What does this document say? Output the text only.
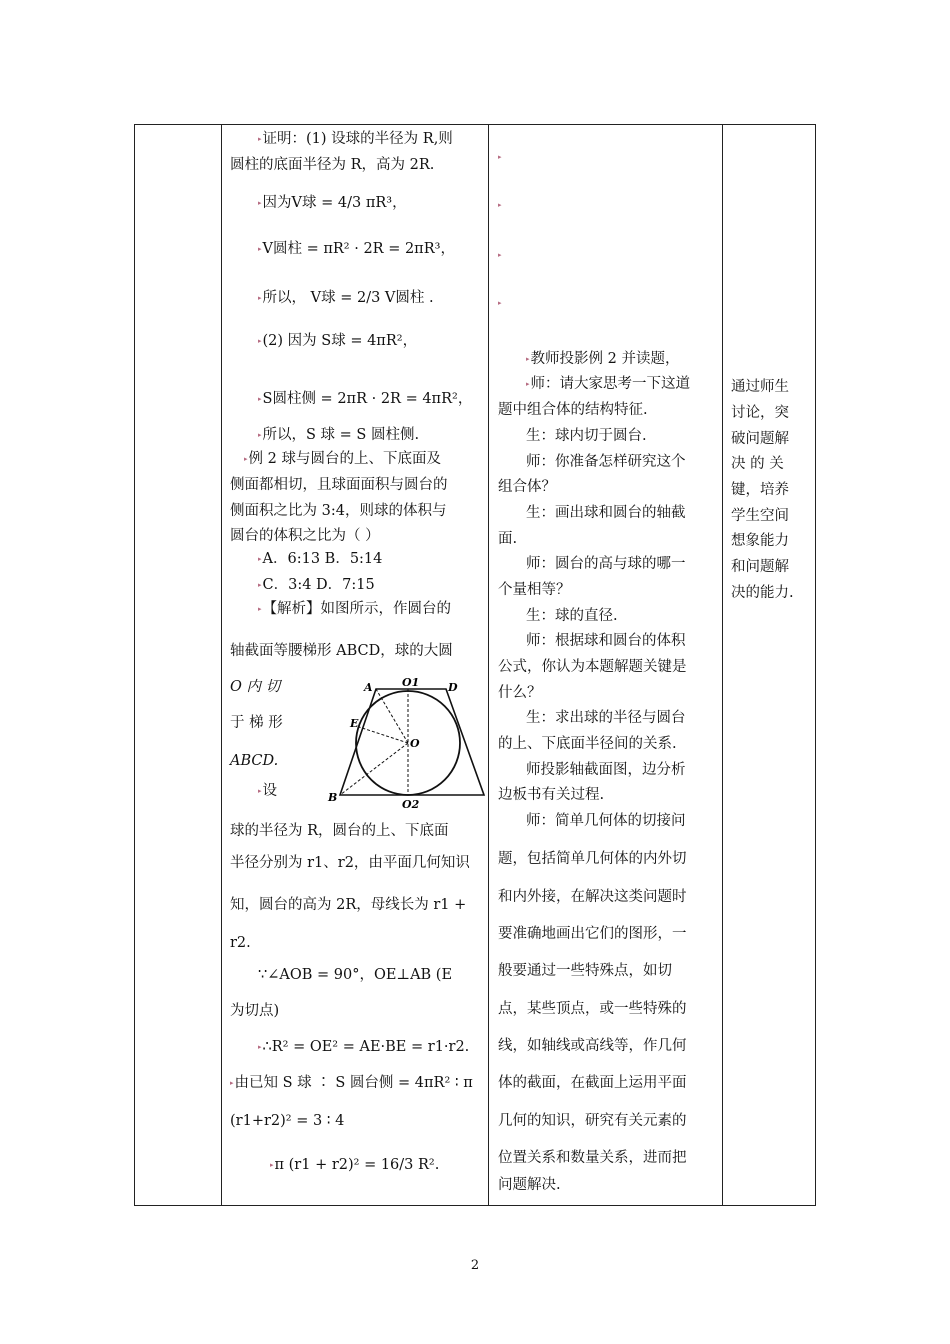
▸证明：(1) 设球的半径为 R,则
圆柱的底面半径为 R，高为 2R.
▸因为V球 = 4/3 πR³，
▸V圆柱 = πR² · 2R = 2πR³，
▸所以， V球 = 2/3 V圆柱 .
▸(2) 因为 S球 = 4πR²，
▸S圆柱侧 = 2πR · 2R = 4πR²，
▸所以，S 球 = S 圆柱侧.
▸例 2 球与圆台的上、下底面及
侧面都相切，且球面面积与圆台的
侧面积之比为 3:4，则球的体积与
圆台的体积之比为（ ）
▸A．6:13 B．5:14
▸C．3:4 D．7:15
▸【解析】如图所示，作圆台的
轴截面等腰梯形 ABCD，球的大圆
O 内 切
于 梯 形
ABCD.
▸设
A	O1	D
E
O
B
O2
球的半径为 R，圆台的上、下底面
半径分别为 r1、r2，由平面几何知识
知，圆台的高为 2R，母线长为 r1 +
r2.
∵∠AOB = 90°，OE⊥AB (E
为切点)
▸∴R² = OE² = AE·BE = r1·r2.
▸由已知 S 球 ∶ S 圆台侧 = 4πR² ∶ π
(r1+r2)² = 3 ∶ 4
▸π (r1 + r2)² = 16/3 R².
▸
▸
▸
▸
▸教师投影例 2 并读题，
▸师：请大家思考一下这道
题中组合体的结构特征.
生：球内切于圆台.
师：你准备怎样研究这个
组合体？
生：画出球和圆台的轴截
面.
师：圆台的高与球的哪一
个量相等？
生：球的直径.
师：根据球和圆台的体积
公式，你认为本题解题关键是
什么？
生：求出球的半径与圆台
的上、下底面半径间的关系.
师投影轴截面图，边分析
边板书有关过程.
师：简单几何体的切接问
题，包括简单几何体的内外切
和内外接，在解决这类问题时
要准确地画出它们的图形，一
般要通过一些特殊点，如切
点，某些顶点，或一些特殊的
线，如轴线或高线等，作几何
体的截面，在截面上运用平面
几何的知识，研究有关元素的
位置关系和数量关系，进而把
问题解决.
通过师生
讨论，突
破问题解
决 的 关
键，培养
学生空间
想象能力
和问题解
决的能力.
2
